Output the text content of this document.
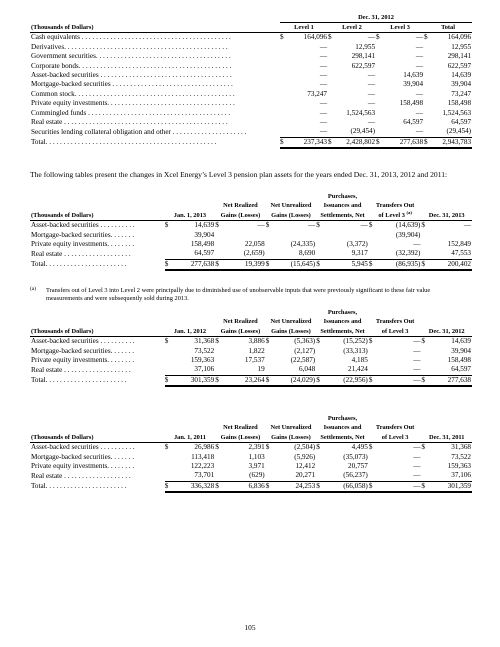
Dec. 31, 2012
(Thousands of Dollars)	Level 1		Level 2		Level 3		Total	
Cash equivalents . . . . . . . . . . . . . . . . . . . . . . . . . . . . . . . . . . . . . . . . . .	$	164,096	$	—	$	—	$	164,096
Derivatives. . . . . . . . . . . . . . . . . . . . . . . . . . . . . . . . . . . . . . . . . . . . . .		—		12,955		—		12,955
Government securities. . . . . . . . . . . . . . . . . . . . . . . . . . . . . . . . . . . . . .		—		298,141		—		298,141
Corporate bonds. . . . . . . . . . . . . . . . . . . . . . . . . . . . . . . . . . . . . . . . . . .		—		622,597		—		622,597
Asset-backed securities . . . . . . . . . . . . . . . . . . . . . . . . . . . . . . . . . . . . .		—		—		14,639		14,639
Mortgage-backed securities . . . . . . . . . . . . . . . . . . . . . . . . . . . . . . . . . .		—		—		39,904		39,904
Common stock. . . . . . . . . . . . . . . . . . . . . . . . . . . . . . . . . . . . . . . . . . . . .		73,247		—		—		73,247
Private equity investments. . . . . . . . . . . . . . . . . . . . . . . . . . . . . . . . . . . .		—		—		158,498		158,498
Commingled funds . . . . . . . . . . . . . . . . . . . . . . . . . . . . . . . . . . . . . . . .		—		1,524,563		—		1,524,563
Real estate . . . . . . . . . . . . . . . . . . . . . . . . . . . . . . . . . . . . . . . . . . . . . .		—		—		64,597		64,597
Securities lending collateral obligation and other . . . . . . . . . . . . . . . . . . . . .		—		(29,454)		—		(29,454)
Total. . . . . . . . . . . . . . . . . . . . . . . . . . . . . . . . . . . . . . . . . . . . . . . .	$	237,343	$	2,428,802	$	277,638	$	2,943,783
The following tables present the changes in Xcel Energy’s Level 3 pension plan assets for the years ended Dec. 31, 2013, 2012 and 2011:
(Thousands of Dollars)	Jan. 1, 2013		Net Realized
Gains (Losses)		Net Unrealized
Gains (Losses)		Purchases,
Issuances and
Settlements, Net		Transfers Out
of Level 3 $^{(a)}$		Dec. 31, 2013	
Asset-backed securities . . . . . . . . . .	$	14,639	$	—	$	—	$	—	$	(14,639)	$	—
Mortgage-backed securities. . . . . . .		39,904								(39,904)		
Private equity investments. . . . . . . .		158,498		22,058		(24,335)		(3,372)		—		152,849
Real estate . . . . . . . . . . . . . . . . . . .		64,597		(2,659)		8,690		9,317		(32,392)		47,553
Total. . . . . . . . . . . . . . . . . . . . . . .	$	277,638	$	19,399	$	(15,645)	$	5,945	$	(86,935)	$	200,402
(a) Transfers out of Level 3 into Level 2 were principally due to diminished use of unobservable inputs that were previously significant to these fair value measurements and were subsequently sold during 2013.
(Thousands of Dollars)	Jan. 1, 2012		Net Realized
Gains (Losses)		Net Unrealized
Gains (Losses)		Purchases,
Issuances and
Settlements, Net		Transfers Out
of Level 3		Dec. 31, 2012	
Asset-backed securities . . . . . . . . . .	$	31,368	$	3,886	$	(5,363)	$	(15,252)	$	—	$	14,639
Mortgage-backed securities. . . . . . .		73,522		1,822		(2,127)		(33,313)		—		39,904
Private equity investments. . . . . . . .		159,363		17,537		(22,587)		4,185		—		158,498
Real estate . . . . . . . . . . . . . . . . . . .		37,106		19		6,048		21,424		—		64,597
Total. . . . . . . . . . . . . . . . . . . . . . .	$	301,359	$	23,264	$	(24,029)	$	(22,956)	$	—	$	277,638
(Thousands of Dollars)	Jan. 1, 2011		Net Realized
Gains (Losses)		Net Unrealized
Gains (Losses)		Purchases,
Issuances and
Settlements, Net		Transfers Out
of Level 3		Dec. 31, 2011	
Asset-backed securities . . . . . . . . . .	$	26,986	$	2,391	$	(2,504)	$	4,495	$	—	$	31,368
Mortgage-backed securities. . . . . . .		113,418		1,103		(5,926)		(35,073)		—		73,522
Private equity investments. . . . . . . .		122,223		3,971		12,412		20,757		—		159,363
Real estate . . . . . . . . . . . . . . . . . . .		73,701		(629)		20,271		(56,237)		—		37,106
Total. . . . . . . . . . . . . . . . . . . . . . .	$	336,328	$	6,836	$	24,253	$	(66,058)	$	—	$	301,359
105
